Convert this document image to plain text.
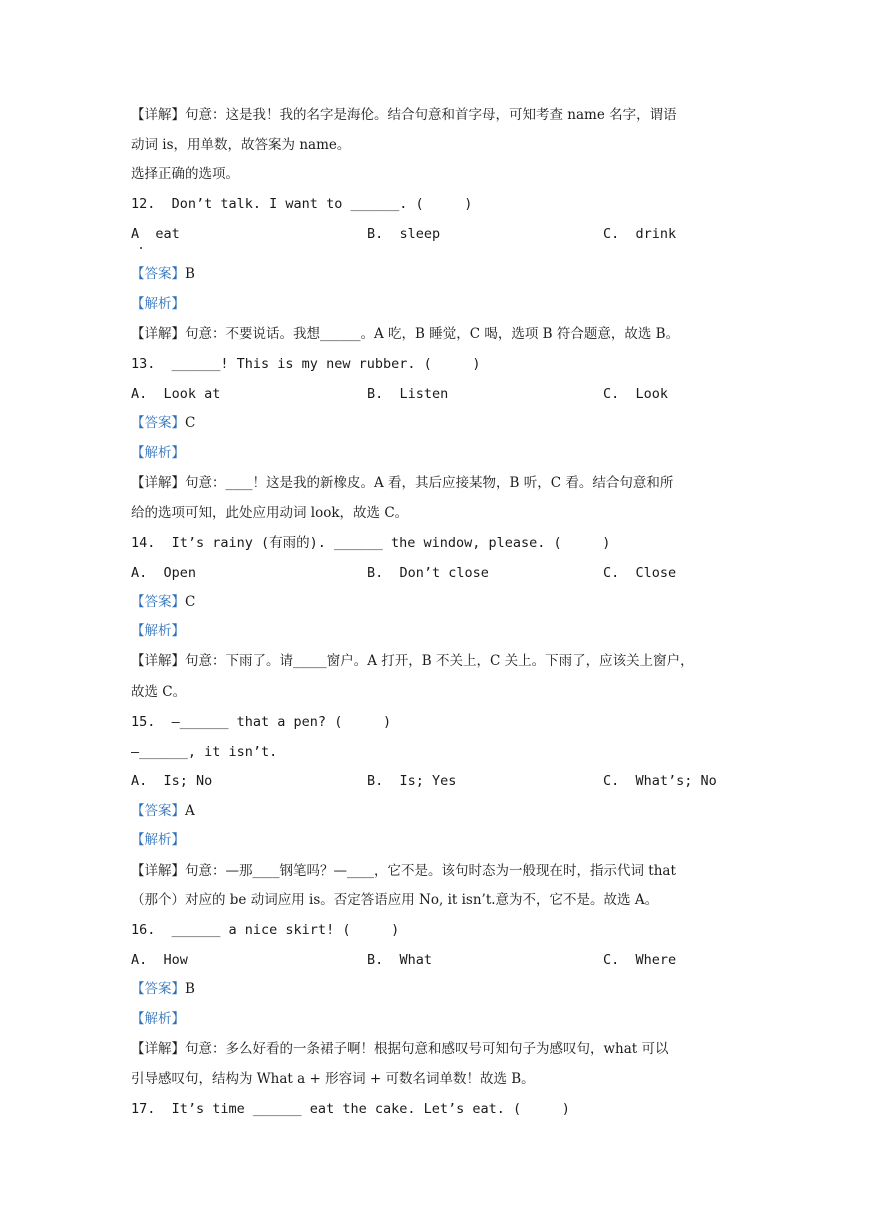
【详解】句意：这是我！我的名字是海伦。结合句意和首字母，可知考查 name 名字，谓语
动词 is，用单数，故答案为 name。
选择正确的选项。
12.  Don’t talk. I want to ______. (     )
A  eat	B.  sleep	C.  drink
【答案】B
【解析】
【详解】句意：不要说话。我想______。A 吃，B 睡觉，C 喝，选项 B 符合题意，故选 B。
13.  ______! This is my new rubber. (     )
A.  Look at	B.  Listen	C.  Look
【答案】C
【解析】
【详解】句意：____！这是我的新橡皮。A 看，其后应接某物，B 听，C 看。结合句意和所
给的选项可知，此处应用动词 look，故选 C。
14.  It’s rainy (有雨的). ______ the window, please. (     )
A.  Open	B.  Don’t close	C.  Close
【答案】C
【解析】
【详解】句意：下雨了。请_____窗户。A 打开，B 不关上，C 关上。下雨了，应该关上窗户，
故选 C。
15.  —______ that a pen? (     )
—______, it isn’t.
A.  Is; No	B.  Is; Yes	C.  What’s; No
【答案】A
【解析】
【详解】句意：—那____钢笔吗？—____，它不是。该句时态为一般现在时，指示代词 that
（那个）对应的 be 动词应用 is。否定答语应用 No, it isn’t.意为不，它不是。故选 A。
16.  ______ a nice skirt! (     )
A.  How	B.  What	C.  Where
【答案】B
【解析】
【详解】句意：多么好看的一条裙子啊！根据句意和感叹号可知句子为感叹句，what 可以
引导感叹句，结构为 What a + 形容词 + 可数名词单数！故选 B。
17.  It’s time ______ eat the cake. Let’s eat. (     )
